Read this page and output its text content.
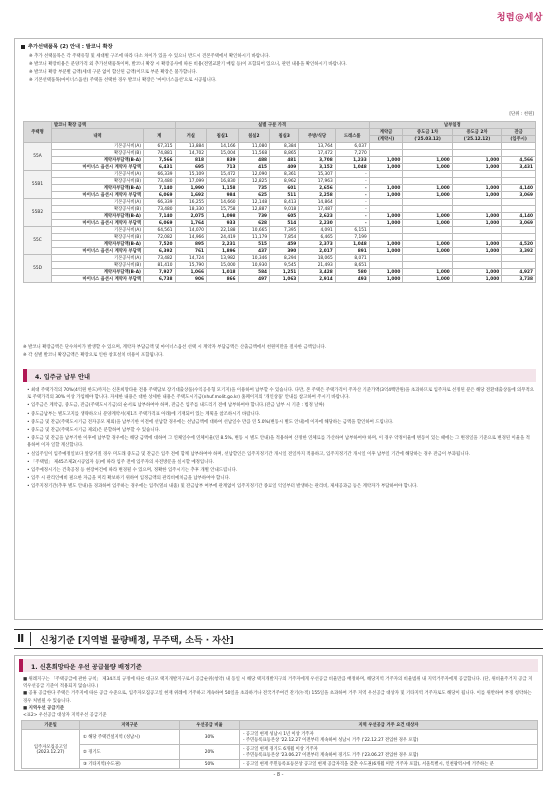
청렴@세상
추가선택품목 (2) 안내 : 발코니 확장
※ 추가 선택품목은 각 주택유형 및 세대별 구조에 따라 다소 차이가 있을 수 있으니 반드시 견본주택에서 확인하시기 바랍니다.
※ 발코니 확장비용은 분양가격 외 추가선택품목이며, 발코니 확장 시 확장공사에 따른 비용(전열교환기 매립 등)이 포함되어 있으니, 관련 내용을 확인하시기 바랍니다.
※ 발코니 확장 부분별 금액(세대 구분 없이 합산된 금액)이므로 부분 확장은 불가합니다.
※ 기본선택품목(마이너스옵션) 주택을 선택한 경우 발코니 확장은 '마이너스옵션'으로 시공됩니다.
[단위 : 천원]
주택형	발코니 확장 금액		실별 구분 가격						납부일정			
	내역	계	거실	침실1	침실2	침실3	주방/식당	드레스룸	계약금	중도금 1차	중도금 2차	잔금
									(계약시)	('25.03.12)	('25.12.12)	(입주시)
55A	기본공사비(A)	67,315	13,884	14,166	11,080	8,384	13,764	6,037				
	확장공사비(B)	74,881	14,702	15,004	11,568	8,865	17,472	7,270				
	계약자부담액(B-A)	7,566	818	839	488	481	3,708	1,233	1,000	1,000	1,000	4,566
	마이너스 옵션시 계약자 부담액	6,431	695	713	415	409	3,152	1,048	1,000	1,000	1,000	3,431
55B1	기본공사비(A)	66,339	15,109	15,472	12,090	8,361	15,307	-				
	확장공사비(B)	73,480	17,099	16,830	12,825	8,962	17,963	-				
	계약자부담액(B-A)	7,140	1,990	1,158	735	601	2,656	-	1,000	1,000	1,000	4,140
	마이너스 옵션시 계약자 부담액	6,069	1,692	984	625	511	2,258	-	1,000	1,000	1,000	3,069
55B2	기본공사비(A)	66,339	16,255	14,660	12,148	8,413	14,864	-				
	확장공사비(B)	73,480	18,330	15,758	12,887	9,018	17,487	-				
	계약자부담액(B-A)	7,140	2,075	1,098	739	605	2,623	-	1,000	1,000	1,000	4,140
	마이너스 옵션시 계약자 부담액	6,069	1,764	933	628	514	2,230	-	1,000	1,000	1,000	3,069
55C	기본공사비(A)	64,561	14,070	22,188	10,665	7,395	4,091	6,151				
	확장공사비(B)	72,082	14,966	24,419	11,179	7,854	6,465	7,199				
	계약자부담액(B-A)	7,520	895	2,231	515	459	2,373	1,048	1,000	1,000	1,000	4,520
	마이너스 옵션시 계약자 부담액	6,392	761	1,896	437	390	2,017	891	1,000	1,000	1,000	3,392
55D	기본공사비(A)	73,482	14,724	13,982	10,346	8,294	18,065	8,071				
	확장공사비(B)	81,410	15,790	15,000	10,930	9,545	21,493	8,651				
	계약자부담액(B-A)	7,927	1,066	1,018	584	1,251	3,428	580	1,000	1,000	1,000	4,927
	마이너스 옵션시 계약자 부담액	6,738	906	866	497	1,063	2,914	493	1,000	1,000	1,000	3,738
※ 발코니 확장금액은 단수차이가 발생할 수 있으며, 계약자 부담금액 및 마이너스옵션 선택 시 계약자 부담금액은 산출금액에서 천원미만을 절사한 금액입니다.
※ 각 실별 발코니 확장금액은 확장으로 인한 창호설치 비용이 포함됩니다.
4. 입주금 납부 안내

• 최대 주택가격의 70%(4억원 한도)까지는 신혼희망타운 전용 주택담보 장기대출상품(수익공유형 모기지)을 이용하여 납부할 수 있습니다. 다만, 본 주택은 주택가격이 주자산 기준가액(3억4백만원)을 초과하므로 입주자로 선정된 분은 해당 전환대출상품에 의무적으로 주택가격의 30% 이상 가입해야 합니다. 자세한 내용은 대한 상세한 내용은 주택도시기금(nhuf.molit.go.kr) 홈페이지의 '개인상품' 안내를 참고하여 주시기 바랍니다.

• 입주금은 계약금, 중도금, 잔금(주택도시기금)의 순서로 납부하여야 하며, 잔금은 입주를 내드리기 전에 납부하여야 합니다.(잔금 납부 시 기준 : 법정 날짜)

• 중도금납부는 별도고지를 생략하오니 분양계약서(제1조 주택가격표 아래)에 기재되어 있는 계획을 참조하시기 바랍니다.

• 중도금 및 잔금(주택도시기금 전자공모 제외)을 납부기한 이전에 선납할 경우에는 선납금액에 대하여 선납일수 만큼 연 5.0%(변동시 별도 안내)에 이자에 해당하는 금액을 할인하여 드립니다.

• 중도금 및 잔금(주택도시기금 제외)은 분할하여 납부할 수 있습니다.

• 중도금 및 잔금을 납부기한 이후에 납부할 경우에는 해당 금액에 대하여 그 연체일수에 연체이율(연 8.5%, 변동 시 별도 안내)을 적용하여 산정한 연체료를 가산하여 납부하여야 하며, 이 경우 약정이율에 변동이 있는 때에는 그 변경일을 기준으로 변경된 이율을 적용하여 이자 일할 계산합니다.

• 실입주일이 입주예정일보다 앞당겨질 경우 미도래 중도금 및 잔금은 입주 전에 함께 납부하여야 하며, 선납할인은 입주지정기간 개시일 전일까지 적용하고, 입주지정기간 개시일 이후 납부일 기간에 해당하는 경우 잔금이 부과됩니다.

• 「주택법」 제45조제2(시공업자 등)에 따라 입주 전에 입주자의 사전방문을 실시할 예정입니다.

• 입주예정시기는 건축공정 등 현장여건에 따라 변경될 수 있으며, 정확한 입주시기는 추후 개별 안내드립니다.

• 입주 시 관리인예비 필요한 자금을 미리 확보하기 위하여 입정금액의 관리비예치금을 납부하여야 합니다.

• 입주지정기간(추후 별도 안내)을 경과하여 입주하는 경우에는 입주(열쇠 내줌) 및 잔금납부 여부에 관계없이 입주지정기간 종료일 익일부터 발생하는 관리비, 제세공과금 등은 계약자가 부담하여야 합니다.

Ⅱ 신청기준 [지역별 물량배정, 무주택, 소득 · 자산]
1. 신혼희망타운 우선 공급물량 배정기준
■ 위례지구는 「주택공급에 관한 규칙」 제34조의 규정에 따른 대규모 택지개발지구로서 공급순위(청약) 내 동일 시 해당 택지개발지구의 거주자에게 우선공급 비율만큼 배정하며, 해당지역 거주자의 비율범위 내 지역거주자에게 공급합니다. (단, 위비율주거지 공급 지역우선공급 기준이 적용되지 않습니다.)
■ 공휴 공급한다 주택은 거주지에 따른 공급 수준으로, 입주자모집공고일 현재 위례에 거주하고 계속하여 50일을 초과하거나 전국거주여건 잔기(누적) 155일을 초과하여 거주 지역 우선공급 대상자 및 기타지역 거주자로도 해당이 됩니다. 이를 위반하여 부정 청약하는 경우 처벌될 수 있습니다.
■ 지역우선 공급기준
<표2> 우선공급 대상자 지역우선 공급기준
기준일	지역구분	우선공급 비율	지역 우선공급 거주 요건 대상자
입주자모집공고일 (2023.12.27)	① 해당 주택건설지역 (성남시)	30%	- 공고일 현재 성남시 1년 이상 거주자
- 주민등록표등본상 '22.12.27 이전부터 계속하여 성남시 거주 ('22.12.27 전입한 경우 포함)
	② 경기도	20%	- 공고일 현재 경기도 6개월 이상 거주자
- 주민등록표등본상 '23.06.27 이전부터 계속하여 경기도 거주 ('23.06.27 전입한 경우 포함)
	③ 기타지역(수도권)	50%	- 공고일 현재 주민등록표등본상 공고일 현재 공급자격을 갖춘 수도권(6개월 미만 거주자 포함), 서울특별시, 인천광역시에 거주하는 분
- 8 -
